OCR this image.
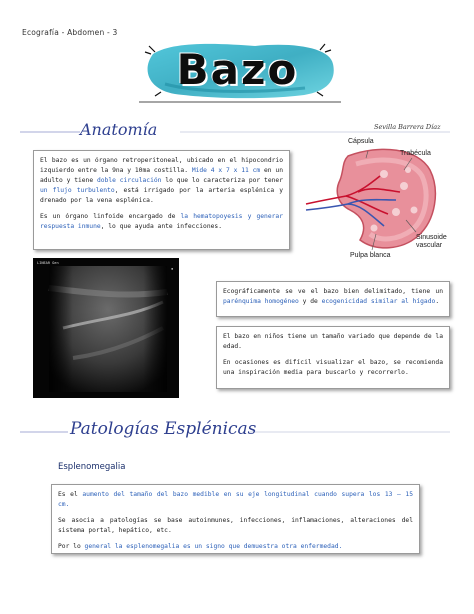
Ecografía - Abdomen - 3
Bazo
Sevilla Barrera Díaz
Anatomía

El bazo es un órgano retroperitoneal, ubicado en el hipocondrio izquierdo entre la 9na y 10ma costilla. Mide 4 x 7 x 11 cm en un adulto y tiene doble circulación lo que lo caracteriza por tener un flujo turbulento, está irrigado por la arteria esplénica y drenado por la vena esplénica.

Es un órgano linfoide encargado de la hematopoyesis y generar respuesta inmune, lo que ayuda ante infecciones.

Cápsula
Trabécula
Sinusoide vascular
Pulpa blanca
▪
LINEAR Gen

Ecográficamente se ve el bazo bien delimitado, tiene un parénquima homogéneo y de ecogenicidad similar al hígado.

El bazo en niños tiene un tamaño variado que depende de la edad.

En ocasiones es difícil visualizar el bazo, se recomienda una inspiración media para buscarlo y recorrerlo.

Patologías Esplénicas
Esplenomegalia

Es el aumento del tamaño del bazo medible en su eje longitudinal cuando supera los 13 – 15 cm.

Se asocia a patologías se base autoinmunes, infecciones, inflamaciones, alteraciones del sistema portal, hepático, etc.

Por lo general la esplenomegalia es un signo que demuestra otra enfermedad.
